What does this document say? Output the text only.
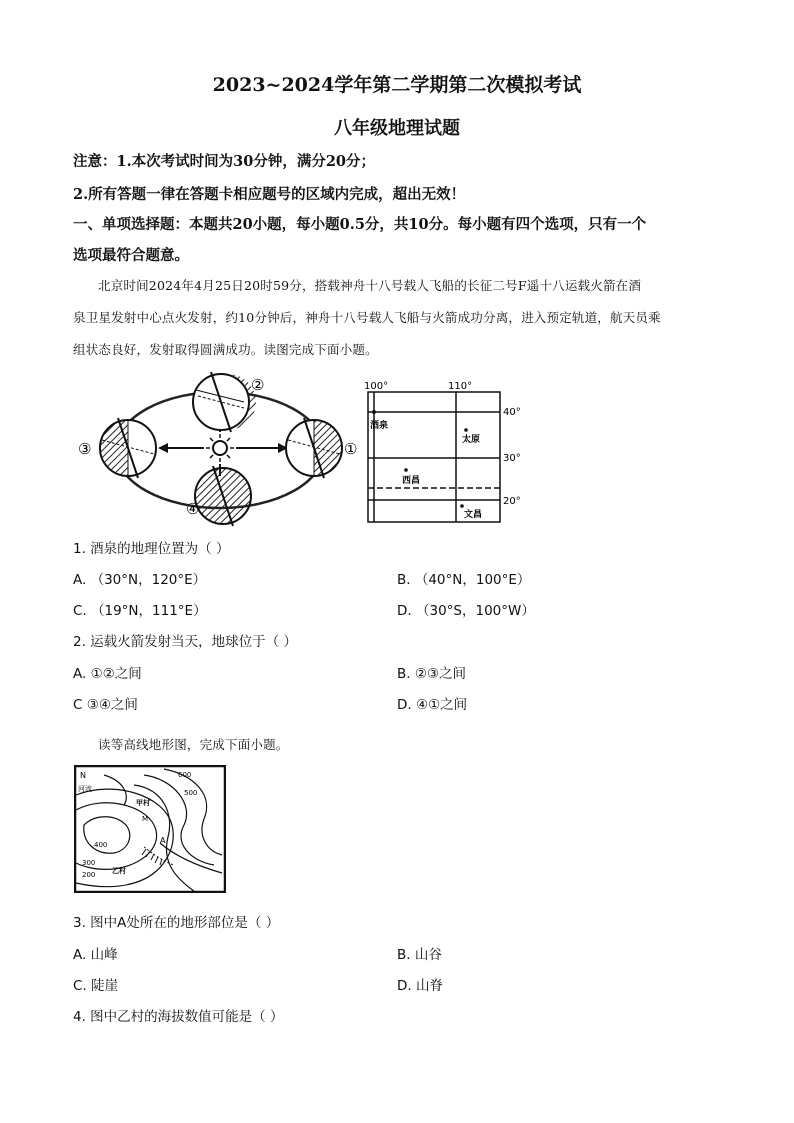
2023~2024学年第二学期第二次模拟考试
八年级地理试题
注意：1.本次考试时间为30分钟，满分20分；
2.所有答题一律在答题卡相应题号的区域内完成，超出无效！
一、单项选择题：本题共20小题，每小题0.5分，共10分。每小题有四个选项，只有一个
选项最符合题意。
北京时间2024年4月25日20时59分，搭载神舟十八号载人飞船的长征二号F遥十八运载火箭在酒
泉卫星发射中心点火发射，约10分钟后，神舟十八号载人飞船与火箭成功分离，进入预定轨道，航天员乘
组状态良好，发射取得圆满成功。读图完成下面小题。
②
③	①
④
100°	110°
40°
30°
20°
酒泉
太原
西昌
文昌
1. 酒泉的地理位置为（ ）
A. （30°N，120°E）	B. （40°N，100°E）
C. （19°N，111°E）	D. （30°S，100°W）
2. 运载火箭发射当天，地球位于（ ）
A. ①②之间	B. ②③之间
C ③④之间	D. ④①之间
读等高线地形图，完成下面小题。
N	600
500
400
300
200
甲村
乙村
A
M
河流
3. 图中A处所在的地形部位是（ ）
A. 山峰	B. 山谷
C. 陡崖	D. 山脊
4. 图中乙村的海拔数值可能是（ ）
